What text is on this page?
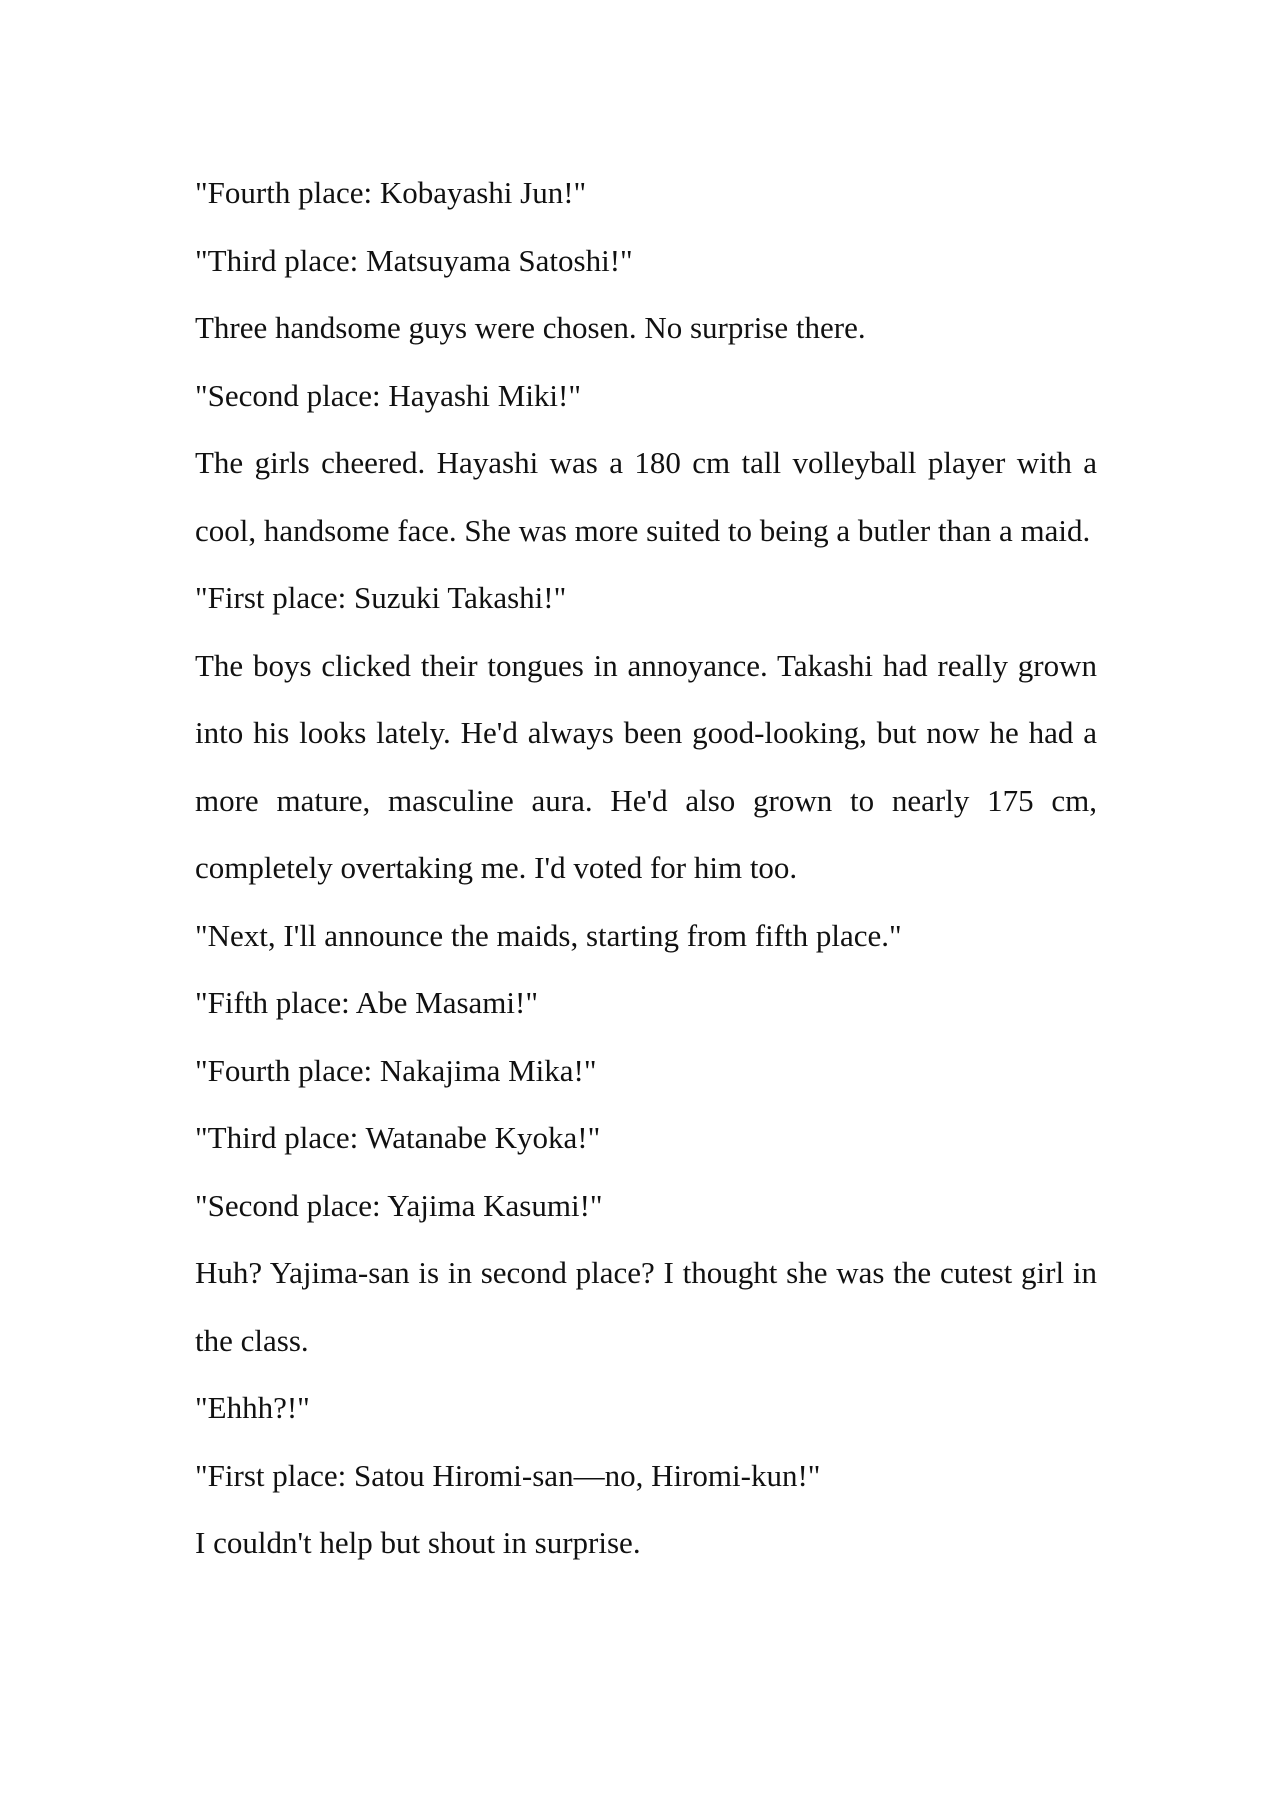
"Fourth place: Kobayashi Jun!"

"Third place: Matsuyama Satoshi!"

Three handsome guys were chosen. No surprise there.

"Second place: Hayashi Miki!"

The girls cheered. Hayashi was a 180 cm tall volleyball player with a cool, handsome face. She was more suited to being a butler than a maid.

"First place: Suzuki Takashi!"

The boys clicked their tongues in annoyance. Takashi had really grown into his looks lately. He'd always been good-looking, but now he had a more mature, masculine aura. He'd also grown to nearly 175 cm, completely overtaking me. I'd voted for him too.

"Next, I'll announce the maids, starting from fifth place."

"Fifth place: Abe Masami!"

"Fourth place: Nakajima Mika!"

"Third place: Watanabe Kyoka!"

"Second place: Yajima Kasumi!"

Huh? Yajima-san is in second place? I thought she was the cutest girl in the class.

"Ehhh?!"

"First place: Satou Hiromi-san—no, Hiromi-kun!"

I couldn't help but shout in surprise.
